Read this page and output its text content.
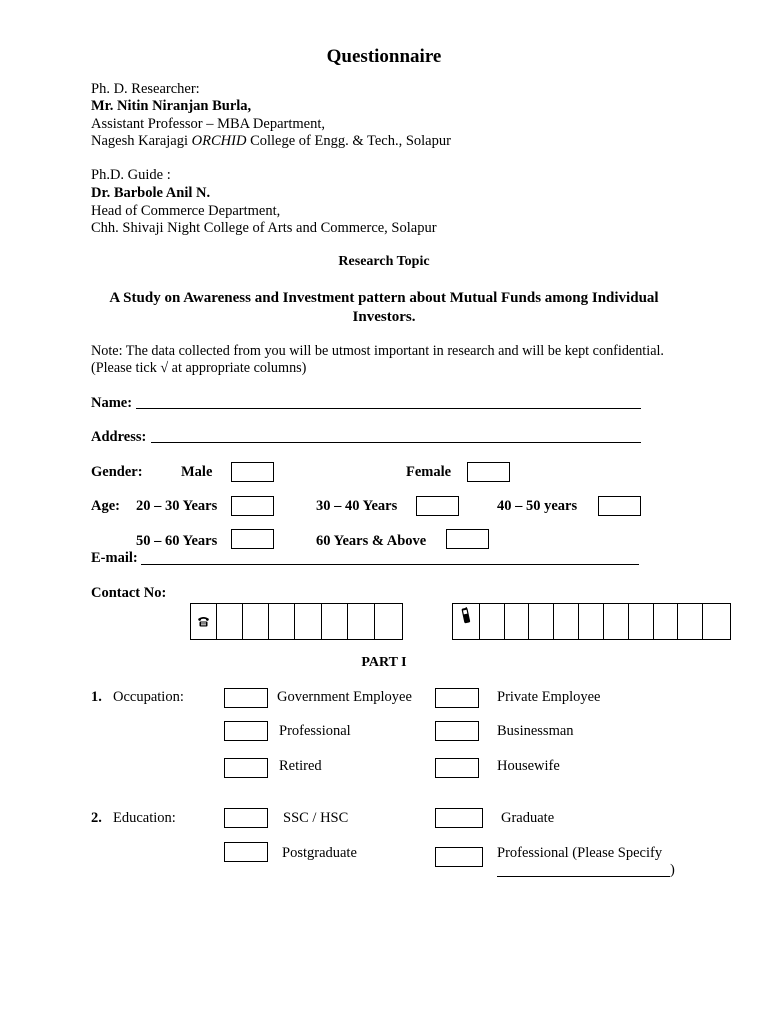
Questionnaire
Ph. D. Researcher:
Mr. Nitin Niranjan Burla,
Assistant Professor – MBA Department,
Nagesh Karajagi ORCHID College of Engg. & Tech., Solapur
Ph.D. Guide :
Dr. Barbole Anil N.
Head of Commerce Department,
Chh. Shivaji Night College of Arts and Commerce, Solapur
Research Topic
A Study on Awareness and Investment pattern about Mutual Funds among Individual
Investors.
Note: The data collected from you will be utmost important in research and will be kept confidential.
(Please tick √ at appropriate columns)
Name:
Address:
Gender:	Male	Female
Age: 20 – 30 Years	30 – 40 Years	40 – 50 years
50 – 60 Years	60 Years & Above
E-mail:
Contact No:
PART I
1. Occupation:	Government Employee	Private Employee
Professional	Businessman
Retired	Housewife
2. Education:	SSC / HSC	Graduate
Postgraduate	Professional (Please Specify
)
